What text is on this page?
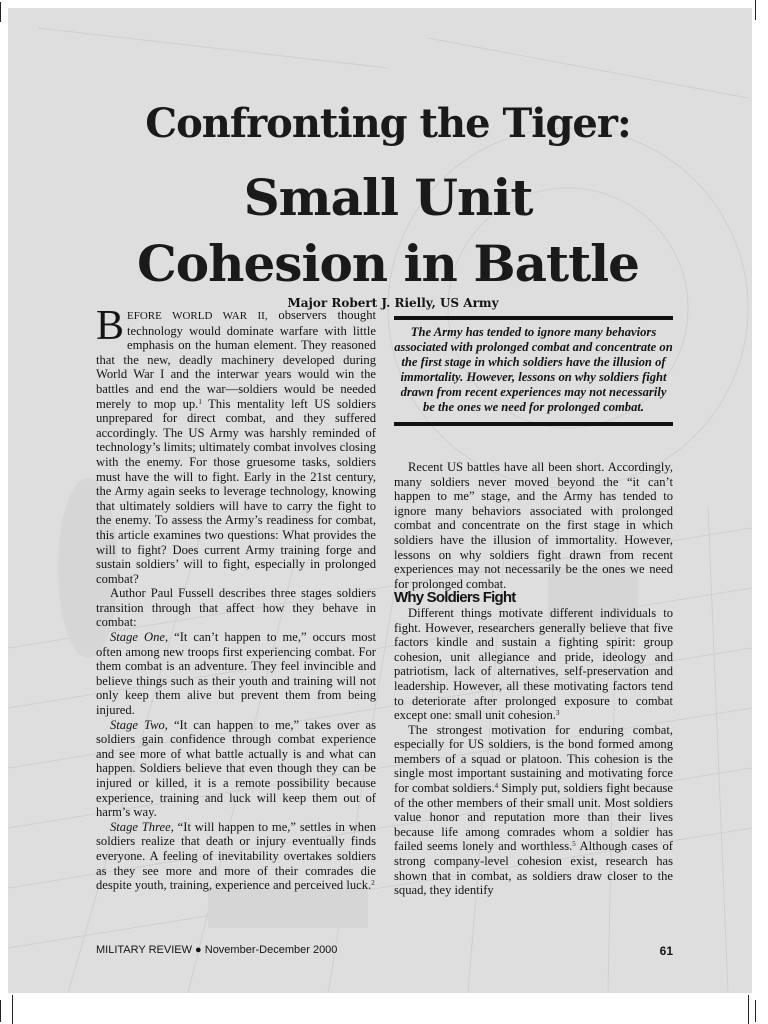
Confronting the Tiger:
Small Unit
Cohesion in Battle
Major Robert J. Rielly, US Army

BEFORE WORLD WAR II, observers thought technology would dominate warfare with little emphasis on the human element. They reasoned that the new, deadly machinery developed during World War I and the interwar years would win the battles and end the war—soldiers would be needed merely to mop up.$^1$ This mentality left US soldiers unprepared for direct combat, and they suffered accordingly. The US Army was harshly reminded of technology’s limits; ultimately combat involves closing with the enemy. For those gruesome tasks, soldiers must have the will to fight. Early in the 21st century, the Army again seeks to leverage technology, knowing that ultimately soldiers will have to carry the fight to the enemy. To assess the Army’s readiness for combat, this article examines two questions: What provides the will to fight? Does current Army training forge and sustain soldiers’ will to fight, especially in prolonged combat?

Author Paul Fussell describes three stages soldiers transition through that affect how they behave in combat:

Stage One, “It can’t happen to me,” occurs most often among new troops first experiencing combat. For them combat is an adventure. They feel invincible and believe things such as their youth and training will not only keep them alive but prevent them from being injured.

Stage Two, “It can happen to me,” takes over as soldiers gain confidence through combat experience and see more of what battle actually is and what can happen. Soldiers believe that even though they can be injured or killed, it is a remote possibility because experience, training and luck will keep them out of harm’s way.

Stage Three, “It will happen to me,” settles in when soldiers realize that death or injury eventually finds everyone. A feeling of inevitability overtakes soldiers as they see more and more of their comrades die despite youth, training, experience and perceived luck.$^2$

The Army has tended to ignore many behaviors associated with prolonged combat and concentrate on the first stage in which soldiers have the illusion of immortality. However, lessons on why soldiers fight drawn from recent experiences may not necessarily be the ones we need for prolonged combat.

Recent US battles have all been short. Accordingly, many soldiers never moved beyond the “it can’t happen to me” stage, and the Army has tended to ignore many behaviors associated with prolonged combat and concentrate on the first stage in which soldiers have the illusion of immortality. However, lessons on why soldiers fight drawn from recent experiences may not necessarily be the ones we need for prolonged combat.

Why Soldiers Fight

Different things motivate different individuals to fight. However, researchers generally believe that five factors kindle and sustain a fighting spirit: group cohesion, unit allegiance and pride, ideology and patriotism, lack of alternatives, self-preservation and leadership. However, all these motivating factors tend to deteriorate after prolonged exposure to combat except one: small unit cohesion.$^3$

The strongest motivation for enduring combat, especially for US soldiers, is the bond formed among members of a squad or platoon. This cohesion is the single most important sustaining and motivating force for combat soldiers.$^4$ Simply put, soldiers fight because of the other members of their small unit. Most soldiers value honor and reputation more than their lives because life among comrades whom a soldier has failed seems lonely and worthless.$^5$ Although cases of strong company-level cohesion exist, research has shown that in combat, as soldiers draw closer to the squad, they identify

MILITARY REVIEW ● November-December 2000	61
